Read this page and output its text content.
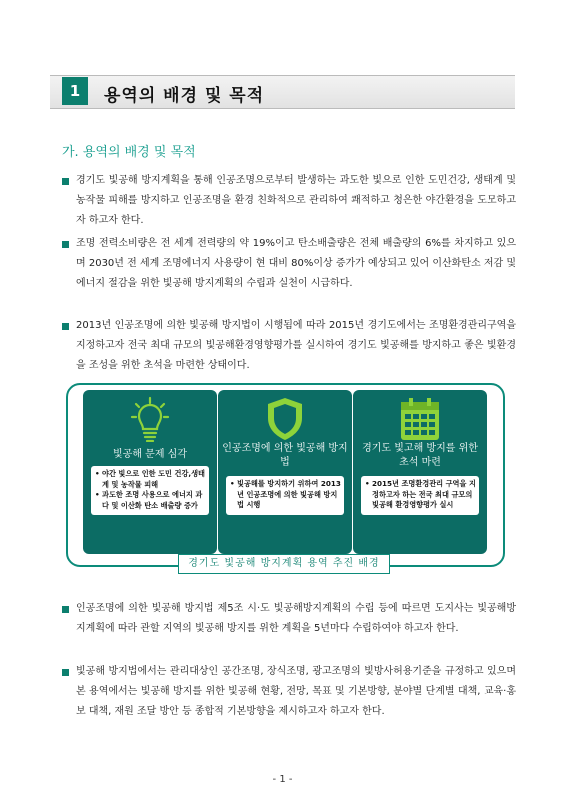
1	용역의 배경 및 목적
가. 용역의 배경 및 목적
경기도 빛공해 방지계획을 통해 인공조명으로부터 발생하는 과도한 빛으로 인한 도민건강, 생태계 및 농작물 피해를 방지하고 인공조명을 환경 친화적으로 관리하여 쾌적하고 청은한 야간환경을 도모하고자 하고자 한다.
조명 전력소비량은 전 세계 전력량의 약 19%이고 탄소배출량은 전체 배출량의 6%를 차지하고 있으며 2030년 전 세계 조명에너지 사용량이 현 대비 80%이상 증가가 예상되고 있어 이산화탄소 저감 및 에너지 절감을 위한 빛공해 방지계획의 수립과 실천이 시급하다.
2013년 인공조명에 의한 빛공해 방지법이 시행됨에 따라 2015년 경기도에서는 조명환경관리구역을 지정하고자 전국 최대 규모의 빛공해환경영향평가를 실시하여 경기도 빛공해를 방지하고 좋은 빛환경을 조성을 위한 초석을 마련한 상태이다.
빛공해 문제 심각
• 야간 빛으로 인한 도민 건강,생태계 및 농작물 피해
• 과도한 조명 사용으로 에너지 과다 및 이산화 탄소 배출량 증가
인공조명에 의한 빛공해 방지법
• 빛공해를 방지하기 위하여 2013년 인공조명에 의한 빛공해 방지법 시행
경기도 빛고해 방지를 위한 초석 마련
• 2015년 조명환경관리 구역을 지정하고자 하는 전국 최대 규모의 빛공해 환경영향평가 실시
경기도 빛공해 방지계획 용역 추진 배경
인공조명에 의한 빛공해 방지법 제5조 시·도 빛공해방지계획의 수립 등에 따르면 도지사는 빛공해방지계획에 따라 관할 지역의 빛공해 방지를 위한 계획을 5년마다 수립하여야 하고자 한다.
빛공해 방지법에서는 관리대상인 공간조명, 장식조명, 광고조명의 빛방사허용기준을 규정하고 있으며 본 용역에서는 빛공해 방지를 위한 빛공해 현황, 전망, 목표 및 기본방향, 분야별 단계별 대책, 교육·홍보 대책, 재원 조달 방안 등 종합적 기본방향을 제시하고자 하고자 한다.
- 1 -
